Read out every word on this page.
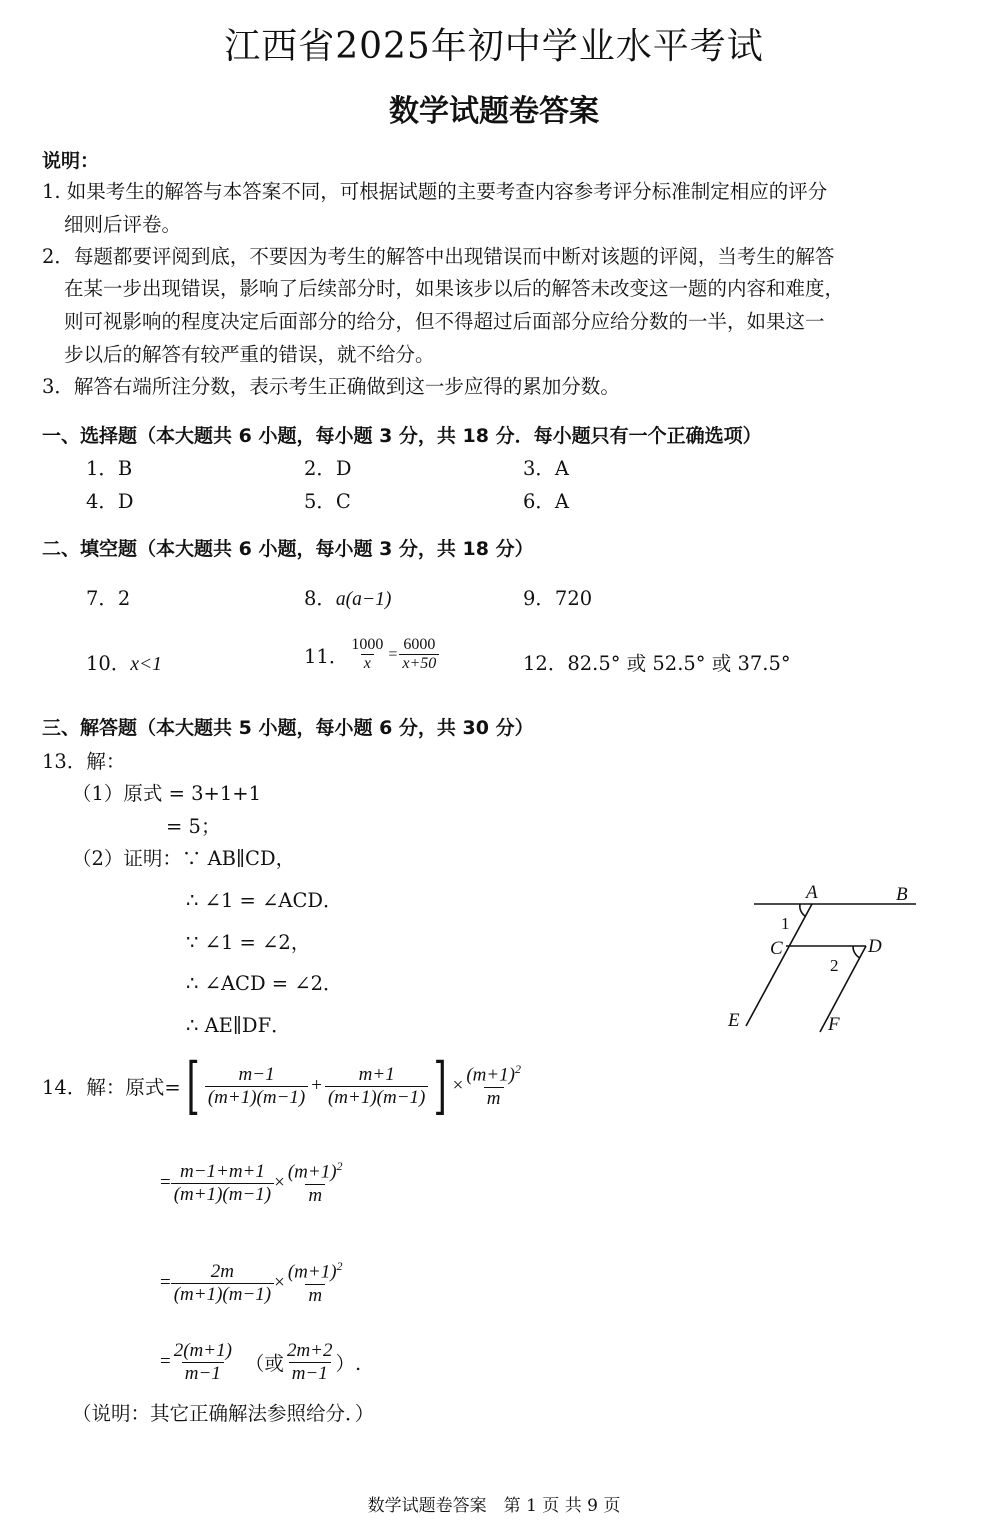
江西省2025年初中学业水平考试
数学试题卷答案
说明：
1. 如果考生的解答与本答案不同，可根据试题的主要考查内容参考评分标准制定相应的评分
细则后评卷。
2．每题都要评阅到底，不要因为考生的解答中出现错误而中断对该题的评阅，当考生的解答
在某一步出现错误，影响了后续部分时，如果该步以后的解答未改变这一题的内容和难度，
则可视影响的程度决定后面部分的给分，但不得超过后面部分应给分数的一半，如果这一
步以后的解答有较严重的错误，就不给分。
3．解答右端所注分数，表示考生正确做到这一步应得的累加分数。
一、选择题（本大题共 6 小题，每小题 3 分，共 18 分．每小题只有一个正确选项）
1．B	2．D	3．A
4．D	5．C	6．A
二、填空题（本大题共 6 小题，每小题 3 分，共 18 分）
7．2	8．a(a−1)	9．720
10．x<1	11． $\frac{1000}{x} = \frac{6000}{x+50}$	12．82.5° 或 52.5° 或 37.5°
三、解答题（本大题共 5 小题，每小题 6 分，共 30 分）
13．解：
（1）原式 = 3+1+1
= 5；
（2）证明：∵ AB∥CD，
∴ ∠1 = ∠ACD．
∵ ∠1 = ∠2，
∴ ∠ACD = ∠2．
∴ AE∥DF．
A	B
C	D
E	F
1
2
14．解：原式= [ $\frac{m-1}{(m+1)(m-1)} + \frac{m+1}{(m+1)(m-1)}$ ] × $\frac{(m+1)^2}{m}$
= $\frac{m-1+m+1}{(m+1)(m-1)} \times \frac{(m+1)^2}{m}$
= $\frac{2m}{(m+1)(m-1)} \times \frac{(m+1)^2}{m}$
= $\frac{2(m+1)}{m-1}$ （或 $\frac{2m+2}{m-1}$ ）.
（说明：其它正确解法参照给分．）
数学试题卷答案　第 1 页 共 9 页
